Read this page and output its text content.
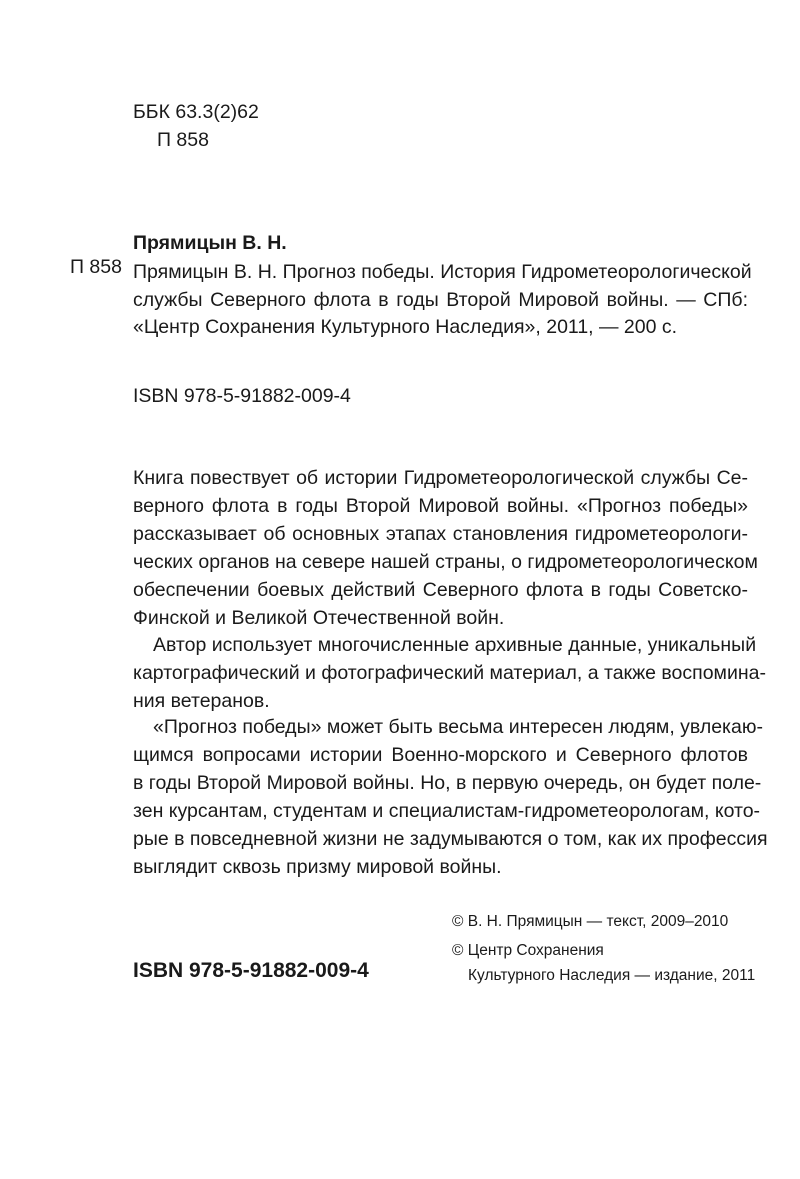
ББК 63.3(2)62
П 858
Прямицын В. Н.
П 858 Прямицын В. Н. Прогноз победы. История Гидрометеорологической
службы Северного флота в годы Второй Мировой войны. — СПб:
«Центр Сохранения Культурного Наследия», 2011, — 200 с.
ISBN 978-5-91882-009-4
Книга повествует об истории Гидрометеорологической службы Се-
верного флота в годы Второй Мировой войны. «Прогноз победы»
рассказывает об основных этапах становления гидрометеорологи-
ческих органов на севере нашей страны, о гидрометеорологическом
обеспечении боевых действий Северного флота в годы Советско-
Финской и Великой Отечественной войн.
Автор использует многочисленные архивные данные, уникальный
картографический и фотографический материал, а также воспомина-
ния ветеранов.
«Прогноз победы» может быть весьма интересен людям, увлекаю-
щимся вопросами истории Военно-морского и Северного флотов
в годы Второй Мировой войны. Но, в первую очередь, он будет поле-
зен курсантам, студентам и специалистам-гидрометеорологам, кото-
рые в повседневной жизни не задумываются о том, как их профессия
выглядит сквозь призму мировой войны.
© В. Н. Прямицын — текст, 2009–2010
© Центр Сохранения
Культурного Наследия — издание, 2011
ISBN 978-5-91882-009-4
